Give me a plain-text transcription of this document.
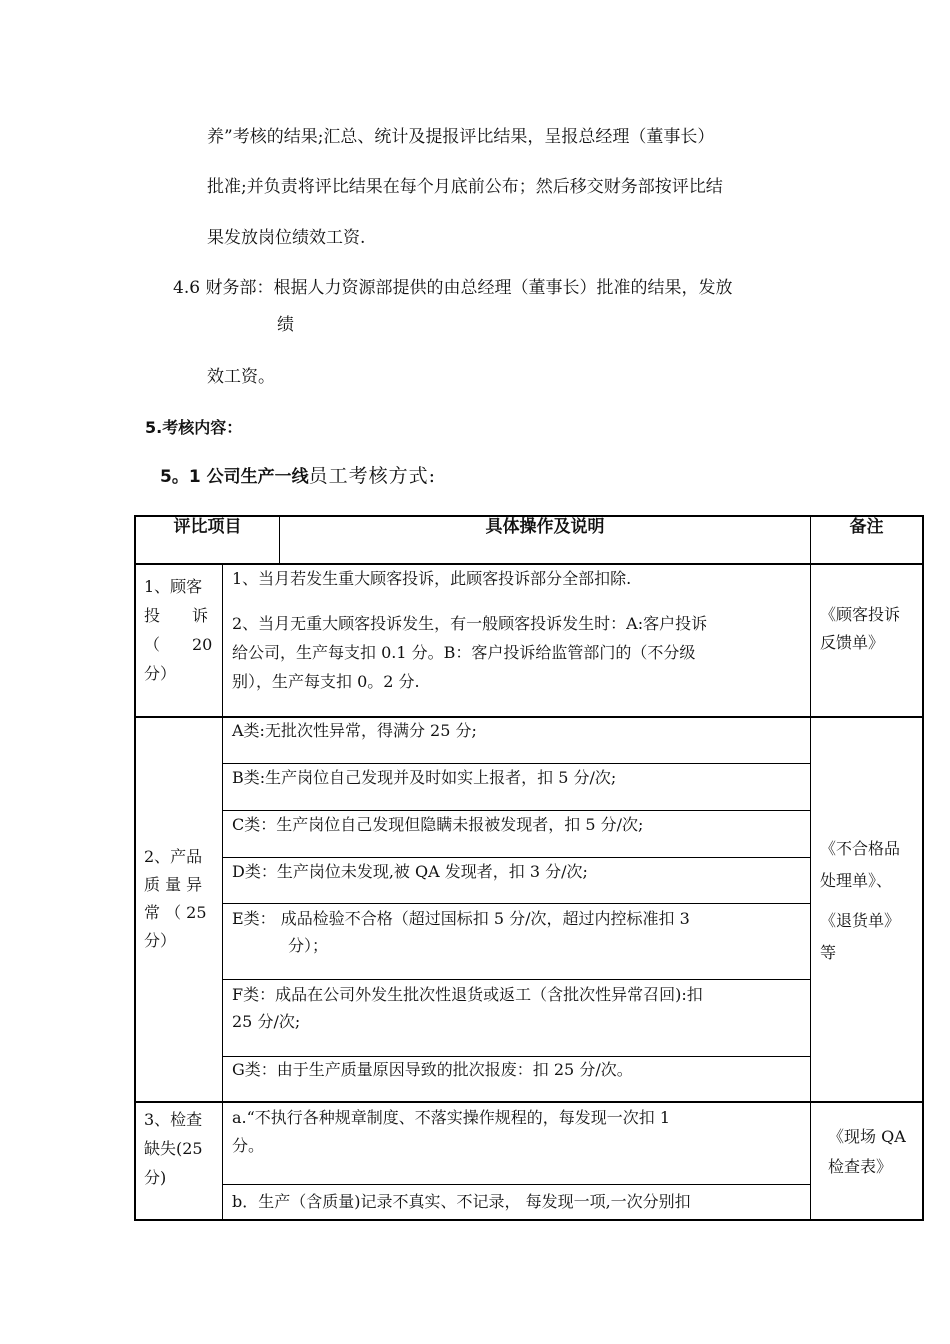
养”考核的结果;汇总、统计及提报评比结果，呈报总经理（董事长）
批准;并负责将评比结果在每个月底前公布；然后移交财务部按评比结
果发放岗位绩效工资.
4.6 财务部：根据人力资源部提供的由总经理（董事长）批准的结果，发放
绩
效工资。
5.考核内容：
5。1 公司生产一线员工考核方式:
评比项目	具体操作及说明	备注
1、顾客
投　　诉
（　　20
分）
1、当月若发生重大顾客投诉，此顾客投诉部分全部扣除.
2、当月无重大顾客投诉发生，有一般顾客投诉发生时：A:客户投诉
给公司，生产每支扣 0.1 分。B：客户投诉给监管部门的（不分级
别），生产每支扣 0。2 分.
《顾客投诉
反馈单》
2、产品
质 量 异
常 （ 25
分）
A类:无批次性异常，得满分 25 分;
B类:生产岗位自己发现并及时如实上报者，扣 5 分/次;
C类：生产岗位自己发现但隐瞒未报被发现者，扣 5 分/次;
D类：生产岗位未发现,被 QA 发现者，扣 3 分/次;
E类： 成品检验不合格（超过国标扣 5 分/次，超过内控标准扣 3
分）；
F类：成品在公司外发生批次性退货或返工（含批次性异常召回):扣
25 分/次;
G类：由于生产质量原因导致的批次报废：扣 25 分/次。
《不合格品
处理单》、
《退货单》
等
3、检查
缺失(25
分)
a.“不执行各种规章制度、不落实操作规程的，每发现一次扣 1
分。
b．生产（含质量)记录不真实、不记录， 每发现一项,一次分别扣
《现场 QA
检查表》
